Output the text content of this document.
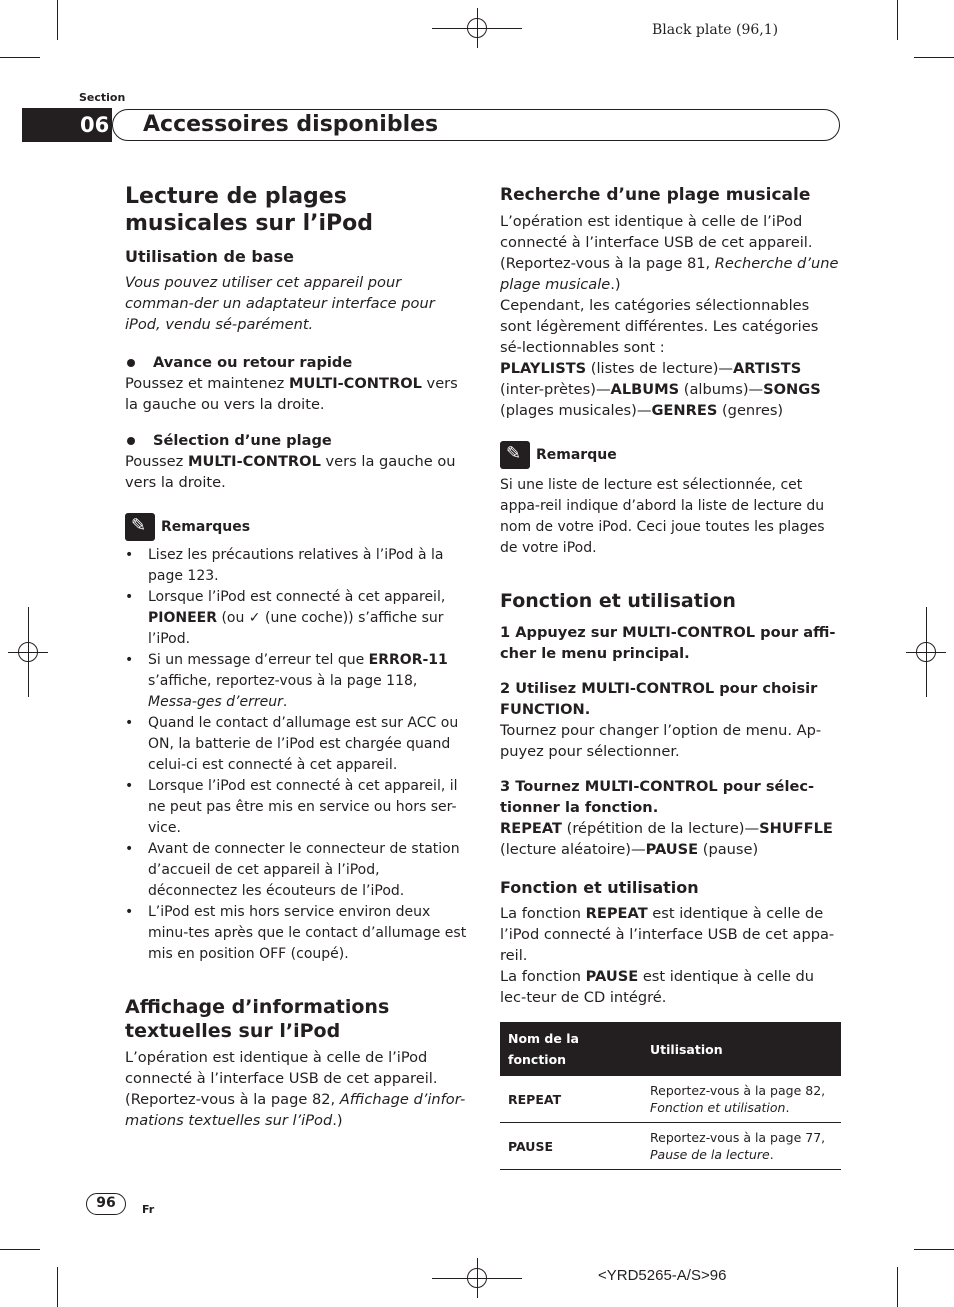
Black plate (96,1)
Section
06	Accessoires disponibles

Lecture de plages
musicales sur l’iPod

Utilisation de base

Vous pouvez utiliser cet appareil pour comman-der un adaptateur interface pour iPod, vendu sé-parément.

Avance ou retour rapide

Poussez et maintenez MULTI-CONTROL vers la gauche ou vers la droite.

Sélection d’une plage

Poussez MULTI-CONTROL vers la gauche ou vers la droite.

✎
Remarques
• Lisez les précautions relatives à l’iPod à la page 123.
• Lorsque l’iPod est connecté à cet appareil, PIONEER (ou ✓ (une coche)) s’affiche sur l’iPod.
• Si un message d’erreur tel que ERROR-11 s’affiche, reportez-vous à la page 118, Messa-ges d’erreur.
• Quand le contact d’allumage est sur ACC ou ON, la batterie de l’iPod est chargée quand celui-ci est connecté à cet appareil.
• Lorsque l’iPod est connecté à cet appareil, il ne peut pas être mis en service ou hors ser-vice.
• Avant de connecter le connecteur de station d’accueil de cet appareil à l’iPod, déconnectez les écouteurs de l’iPod.
• L’iPod est mis hors service environ deux minu-tes après que le contact d’allumage est mis en position OFF (coupé).

Affichage d’informations
textuelles sur l’iPod

L’opération est identique à celle de l’iPod connecté à l’interface USB de cet appareil. (Reportez-vous à la page 82, Affichage d’infor-mations textuelles sur l’iPod.)

Recherche d’une plage musicale

L’opération est identique à celle de l’iPod connecté à l’interface USB de cet appareil. (Reportez-vous à la page 81, Recherche d’une plage musicale.)

Cependant, les catégories sélectionnables sont légèrement différentes. Les catégories sé-lectionnables sont :

PLAYLISTS (listes de lecture)—ARTISTS (inter-prètes)—ALBUMS (albums)—SONGS (plages musicales)—GENRES (genres)

✎
Remarque

Si une liste de lecture est sélectionnée, cet appa-reil indique d’abord la liste de lecture du nom de votre iPod. Ceci joue toutes les plages de votre iPod.

Fonction et utilisation

1 Appuyez sur MULTI-CONTROL pour affi-cher le menu principal.

2 Utilisez MULTI-CONTROL pour choisir FUNCTION.

Tournez pour changer l’option de menu. Ap-puyez pour sélectionner.

3 Tournez MULTI-CONTROL pour sélec-tionner la fonction.

REPEAT (répétition de la lecture)—SHUFFLE (lecture aléatoire)—PAUSE (pause)

Fonction et utilisation

La fonction REPEAT est identique à celle de l’iPod connecté à l’interface USB de cet appa-reil.

La fonction PAUSE est identique à celle du lec-teur de CD intégré.

Nom de la fonction	Utilisation
REPEAT	Reportez-vous à la page 82,
Fonction et utilisation.
PAUSE	Reportez-vous à la page 77,
Pause de la lecture.
96	Fr
<YRD5265-A/S>96
